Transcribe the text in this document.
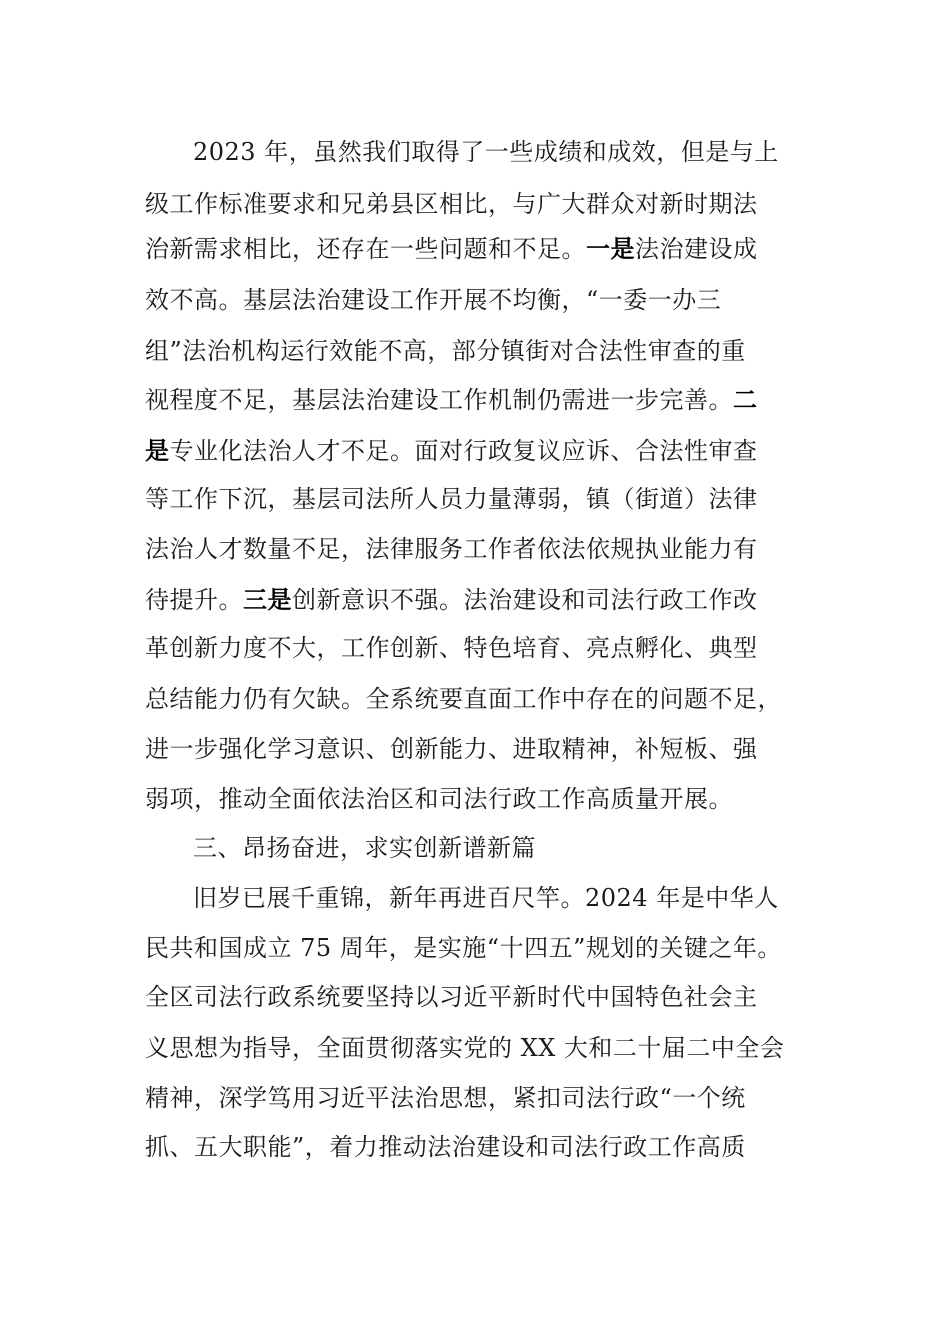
2023 年，虽然我们取得了一些成绩和成效，但是与上
级工作标准要求和兄弟县区相比，与广大群众对新时期法
治新需求相比，还存在一些问题和不足。一是法治建设成
效不高。基层法治建设工作开展不均衡，“一委一办三
组”法治机构运行效能不高，部分镇街对合法性审查的重
视程度不足，基层法治建设工作机制仍需进一步完善。二
是专业化法治人才不足。面对行政复议应诉、合法性审查
等工作下沉，基层司法所人员力量薄弱，镇（街道）法律
法治人才数量不足，法律服务工作者依法依规执业能力有
待提升。三是创新意识不强。法治建设和司法行政工作改
革创新力度不大，工作创新、特色培育、亮点孵化、典型
总结能力仍有欠缺。全系统要直面工作中存在的问题不足，
进一步强化学习意识、创新能力、进取精神，补短板、强
弱项，推动全面依法治区和司法行政工作高质量开展。
三、昂扬奋进，求实创新谱新篇
旧岁已展千重锦，新年再进百尺竿。2024 年是中华人
民共和国成立 75 周年，是实施“十四五”规划的关键之年。
全区司法行政系统要坚持以习近平新时代中国特色社会主
义思想为指导，全面贯彻落实党的 XX 大和二十届二中全会
精神，深学笃用习近平法治思想，紧扣司法行政“一个统
抓、五大职能”，着力推动法治建设和司法行政工作高质
